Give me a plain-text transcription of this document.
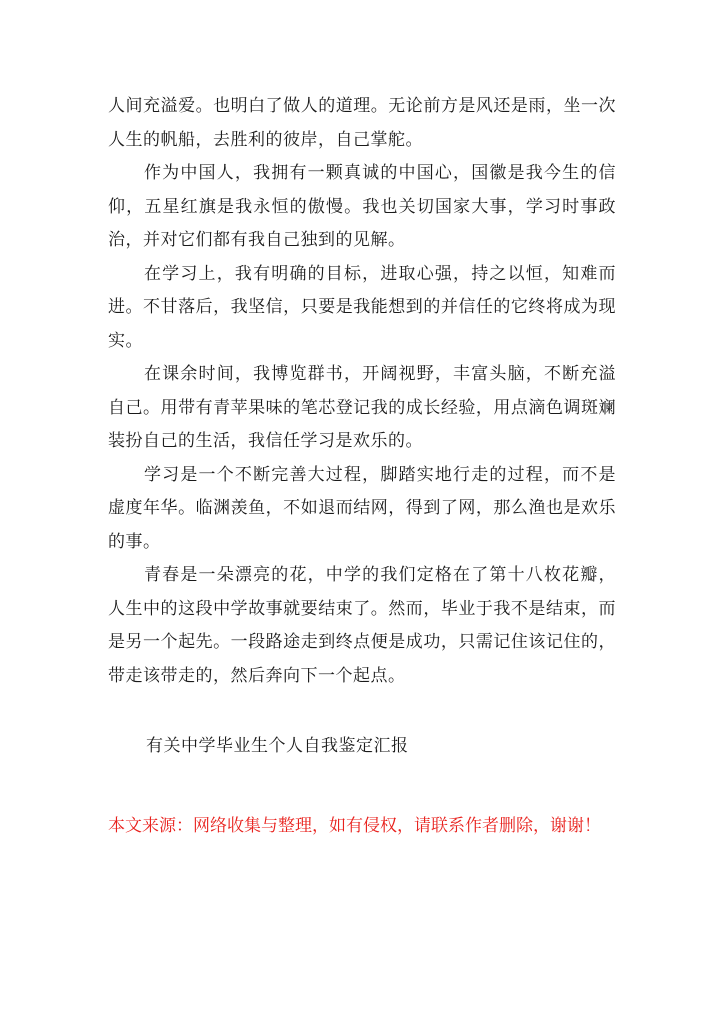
人间充溢爱。也明白了做人的道理。无论前方是风还是雨，坐一次人生的帆船，去胜利的彼岸，自己掌舵。

作为中国人，我拥有一颗真诚的中国心，国徽是我今生的信仰，五星红旗是我永恒的傲慢。我也关切国家大事，学习时事政治，并对它们都有我自己独到的见解。

在学习上，我有明确的目标，进取心强，持之以恒，知难而进。不甘落后，我坚信，只要是我能想到的并信任的它终将成为现实。

在课余时间，我博览群书，开阔视野，丰富头脑，不断充溢自己。用带有青苹果味的笔芯登记我的成长经验，用点滴色调斑斓装扮自己的生活，我信任学习是欢乐的。

学习是一个不断完善大过程，脚踏实地行走的过程，而不是虚度年华。临渊羡鱼，不如退而结网，得到了网，那么渔也是欢乐的事。

青春是一朵漂亮的花，中学的我们定格在了第十八枚花瓣，人生中的这段中学故事就要结束了。然而，毕业于我不是结束，而是另一个起先。一段路途走到终点便是成功，只需记住该记住的，带走该带走的，然后奔向下一个起点。

有关中学毕业生个人自我鉴定汇报
本文来源：网络收集与整理，如有侵权，请联系作者删除，谢谢！
